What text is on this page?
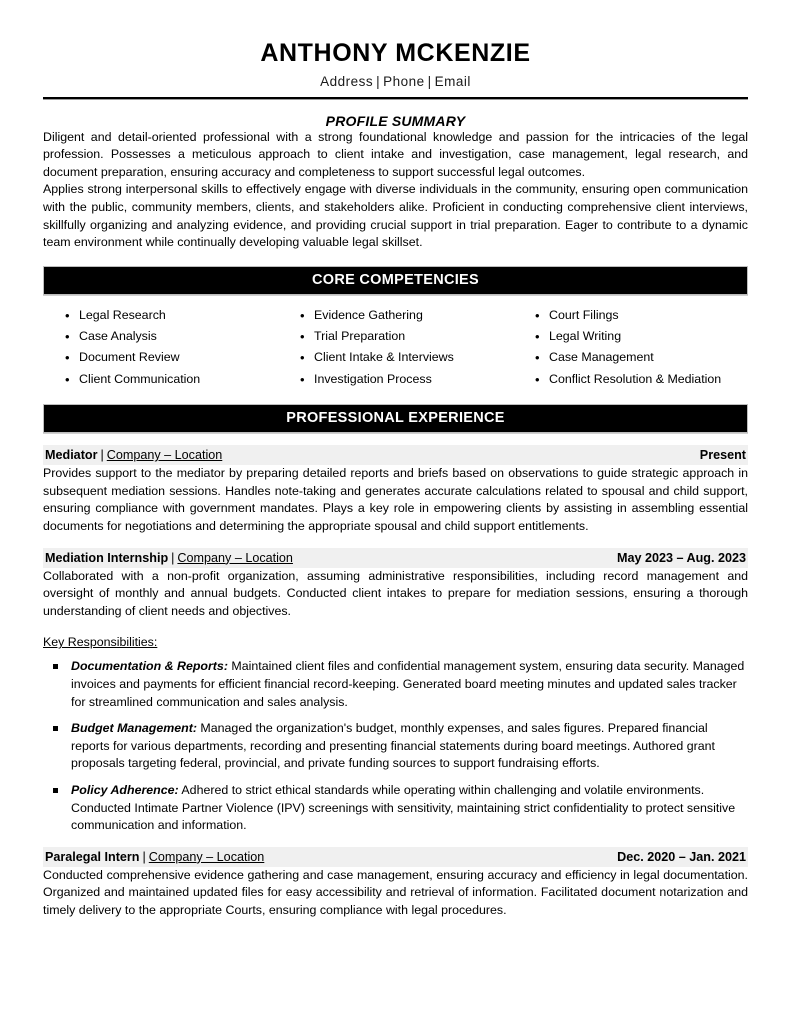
ANTHONY MCKENZIE
Address | Phone | Email
PROFILE SUMMARY

Diligent and detail-oriented professional with a strong foundational knowledge and passion for the intricacies of the legal profession. Possesses a meticulous approach to client intake and investigation, case management, legal research, and document preparation, ensuring accuracy and completeness to support successful legal outcomes.

Applies strong interpersonal skills to effectively engage with diverse individuals in the community, ensuring open communication with the public, community members, clients, and stakeholders alike. Proficient in conducting comprehensive client interviews, skillfully organizing and analyzing evidence, and providing crucial support in trial preparation. Eager to contribute to a dynamic team environment while continually developing valuable legal skillset.

CORE COMPETENCIES
• Legal Research
• Case Analysis
• Document Review
• Client Communication
• Evidence Gathering
• Trial Preparation
• Client Intake & Interviews
• Investigation Process
• Court Filings
• Legal Writing
• Case Management
• Conflict Resolution & Mediation
PROFESSIONAL EXPERIENCE
Mediator | Company – Location	Present

Provides support to the mediator by preparing detailed reports and briefs based on observations to guide strategic approach in subsequent mediation sessions. Handles note-taking and generates accurate calculations related to spousal and child support, ensuring compliance with government mandates. Plays a key role in empowering clients by assisting in assembling essential documents for negotiations and determining the appropriate spousal and child support entitlements.

Mediation Internship | Company – Location	May 2023 – Aug. 2023

Collaborated with a non-profit organization, assuming administrative responsibilities, including record management and oversight of monthly and annual budgets. Conducted client intakes to prepare for mediation sessions, ensuring a thorough understanding of client needs and objectives.

Key Responsibilities:
Documentation & Reports: Maintained client files and confidential management system, ensuring data security. Managed invoices and payments for efficient financial record-keeping. Generated board meeting minutes and updated sales tracker for streamlined communication and sales analysis.
Budget Management: Managed the organization's budget, monthly expenses, and sales figures. Prepared financial reports for various departments, recording and presenting financial statements during board meetings. Authored grant proposals targeting federal, provincial, and private funding sources to support fundraising efforts.
Policy Adherence: Adhered to strict ethical standards while operating within challenging and volatile environments. Conducted Intimate Partner Violence (IPV) screenings with sensitivity, maintaining strict confidentiality to protect sensitive communication and information.
Paralegal Intern | Company – Location	Dec. 2020 – Jan. 2021

Conducted comprehensive evidence gathering and case management, ensuring accuracy and efficiency in legal documentation. Organized and maintained updated files for easy accessibility and retrieval of information. Facilitated document notarization and timely delivery to the appropriate Courts, ensuring compliance with legal procedures.
